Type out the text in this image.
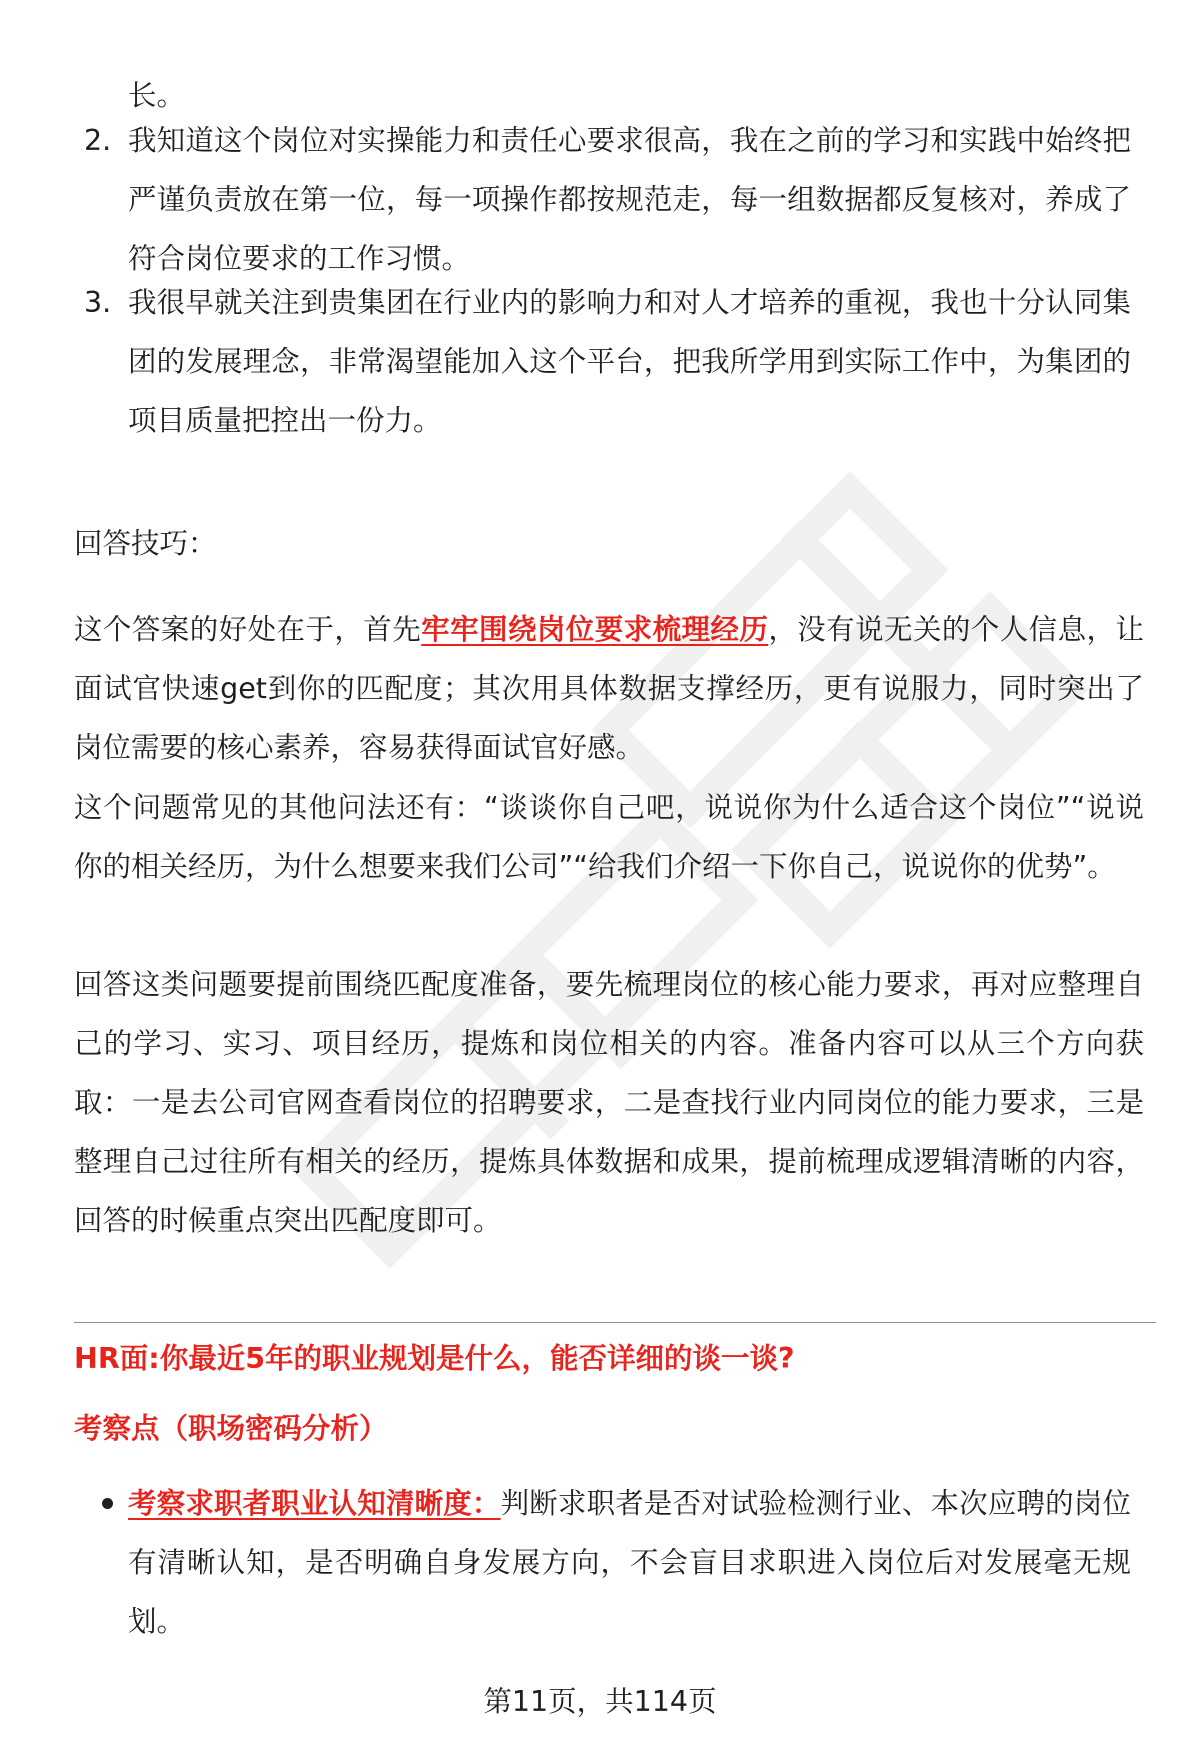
长。
2. 我知道这个岗位对实操能力和责任心要求很高，我在之前的学习和实践中始终把严谨负责放在第一位，每一项操作都按规范走，每一组数据都反复核对，养成了符合岗位要求的工作习惯。
3. 我很早就关注到贵集团在行业内的影响力和对人才培养的重视，我也十分认同集团的发展理念，非常渴望能加入这个平台，把我所学用到实际工作中，为集团的项目质量把控出一份力。
回答技巧：

这个答案的好处在于，首先牢牢围绕岗位要求梳理经历，没有说无关的个人信息，让面试官快速get到你的匹配度；其次用具体数据支撑经历，更有说服力，同时突出了岗位需要的核心素养，容易获得面试官好感。

这个问题常见的其他问法还有：“谈谈你自己吧，说说你为什么适合这个岗位”“说说你的相关经历，为什么想要来我们公司”“给我们介绍一下你自己，说说你的优势”。

回答这类问题要提前围绕匹配度准备，要先梳理岗位的核心能力要求，再对应整理自己的学习、实习、项目经历，提炼和岗位相关的内容。准备内容可以从三个方向获取：一是去公司官网查看岗位的招聘要求，二是查找行业内同岗位的能力要求，三是整理自己过往所有相关的经历，提炼具体数据和成果，提前梳理成逻辑清晰的内容，回答的时候重点突出匹配度即可。

HR面:你最近5年的职业规划是什么，能否详细的谈一谈?
考察点（职场密码分析）
考察求职者职业认知清晰度：判断求职者是否对试验检测行业、本次应聘的岗位有清晰认知，是否明确自身发展方向，不会盲目求职进入岗位后对发展毫无规划。
第11页，共114页
